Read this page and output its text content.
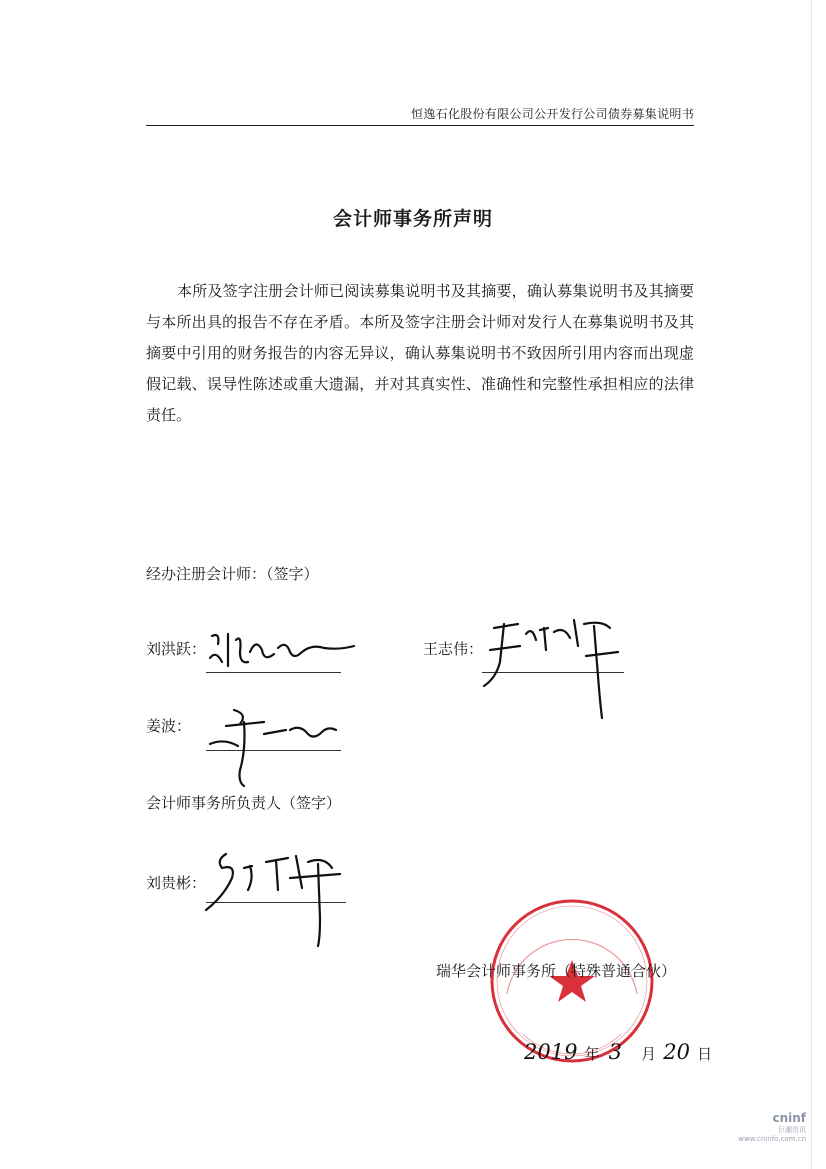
恒逸石化股份有限公司公开发行公司债券募集说明书
会计师事务所声明
本所及签字注册会计师已阅读募集说明书及其摘要，确认募集说明书及其摘要与本所出具的报告不存在矛盾。本所及签字注册会计师对发行人在募集说明书及其摘要中引用的财务报告的内容无异议，确认募集说明书不致因所引用内容而出现虚假记载、误导性陈述或重大遗漏，并对其真实性、准确性和完整性承担相应的法律责任。
经办注册会计师：（签字）
刘洪跃：	王志伟：
姜波：
会计师事务所负责人（签字）
刘贵彬：
瑞华会计师事务所（特殊普通合伙）
2019 年 3 月 20 日
cninf
巨潮资讯
www.cninfo.com.cn
